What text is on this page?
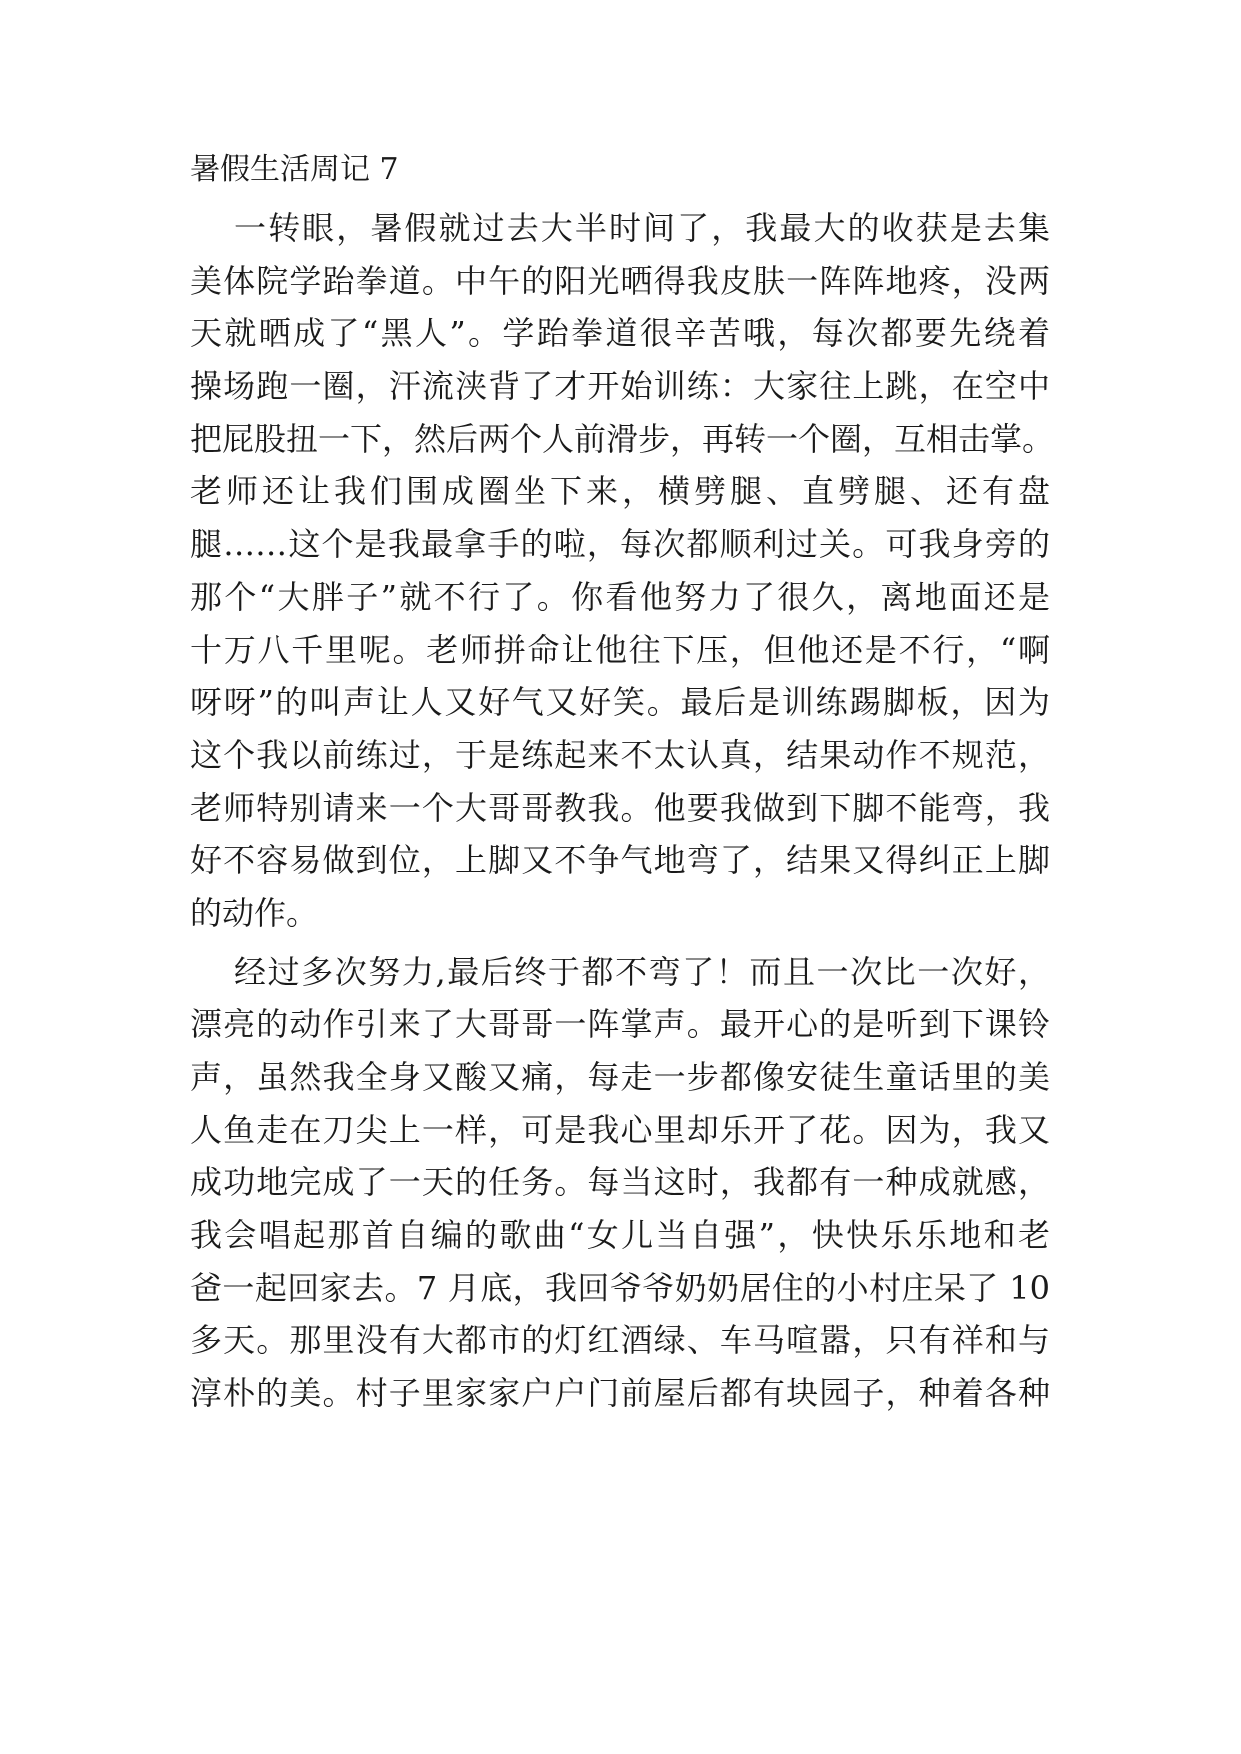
暑假生活周记 7
一转眼，暑假就过去大半时间了，我最大的收获是去集
美体院学跆拳道。中午的阳光晒得我皮肤一阵阵地疼，没两
天就晒成了“黑人”。学跆拳道很辛苦哦，每次都要先绕着
操场跑一圈，汗流浃背了才开始训练：大家往上跳，在空中
把屁股扭一下，然后两个人前滑步，再转一个圈，互相击掌。
老师还让我们围成圈坐下来，横劈腿、直劈腿、还有盘
腿……这个是我最拿手的啦，每次都顺利过关。可我身旁的
那个“大胖子”就不行了。你看他努力了很久，离地面还是
十万八千里呢。老师拼命让他往下压，但他还是不行，“啊
呀呀”的叫声让人又好气又好笑。最后是训练踢脚板，因为
这个我以前练过，于是练起来不太认真，结果动作不规范，
老师特别请来一个大哥哥教我。他要我做到下脚不能弯，我
好不容易做到位，上脚又不争气地弯了，结果又得纠正上脚
的动作。
经过多次努力,最后终于都不弯了！而且一次比一次好，
漂亮的动作引来了大哥哥一阵掌声。最开心的是听到下课铃
声，虽然我全身又酸又痛，每走一步都像安徒生童话里的美
人鱼走在刀尖上一样，可是我心里却乐开了花。因为，我又
成功地完成了一天的任务。每当这时，我都有一种成就感，
我会唱起那首自编的歌曲“女儿当自强”，快快乐乐地和老
爸一起回家去。7 月底，我回爷爷奶奶居住的小村庄呆了 10
多天。那里没有大都市的灯红酒绿、车马喧嚣，只有祥和与
淳朴的美。村子里家家户户门前屋后都有块园子，种着各种
